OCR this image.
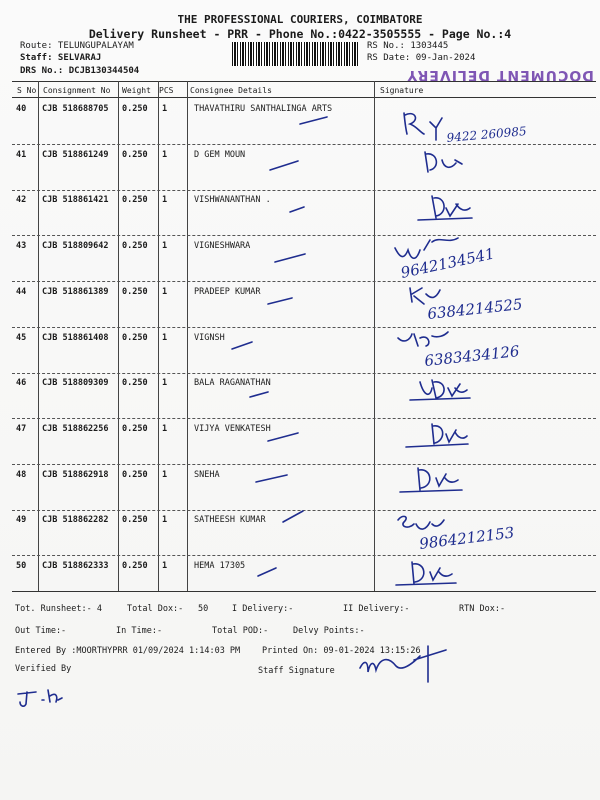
THE PROFESSIONAL COURIERS, COIMBATORE
Delivery Runsheet - PRR - Phone No.:0422-3505555 - Page No.:4
Route: TELUNGUPALAYAM
Staff: SELVARAJ
DRS No.: DCJB130344504
RS No.: 1303445
RS Date: 09-Jan-2024
DOCUMENT DELIVERY
S No Consignment No Weight PCS Consignee Details	Signature
40 CJB 518688705 0.250 1	THAVATHIRU SANTHALINGA ARTS
41 CJB 518861249 0.250 1	D GEM MOUN
42 CJB 518861421 0.250 1	VISHWANANTHAN .
43 CJB 518809642 0.250 1	VIGNESHWARA
44 CJB 518861389 0.250 1	PRADEEP KUMAR
45 CJB 518861408 0.250 1	VIGNSH
46 CJB 518809309 0.250 1	BALA RAGANATHAN
47 CJB 518862256 0.250 1	VIJYA VENKATESH
48 CJB 518862918 0.250 1	SNEHA
49 CJB 518862282 0.250 1	SATHEESH KUMAR
50 CJB 518862333 0.250 1	HEMA 17305
Tot. Runsheet:- 4	Total Dox:- 50	I Delivery:-	II Delivery:-	RTN Dox:-
Out Time:-	In Time:-	Total POD:-	Delvy Points:-
Entered By :MOORTHYPRR 01/09/2024 1:14:03 PM	Printed On: 09-01-2024 13:15:26
Verified By	Staff Signature
9422 260985
9642134541
6384214525
6383434126
9864212153
